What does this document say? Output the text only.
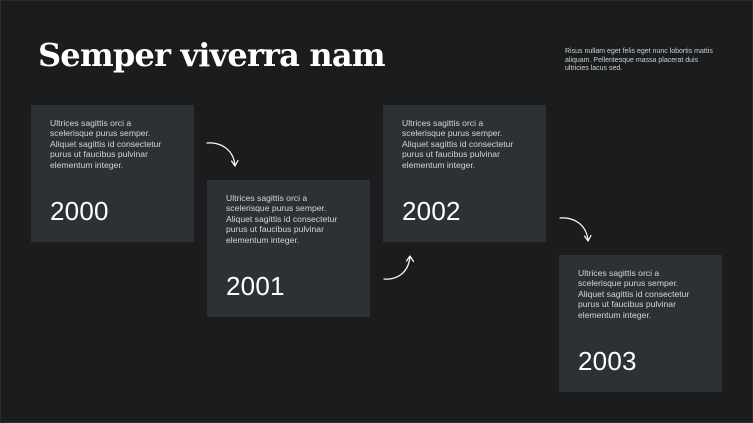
Semper viverra nam	Risus nullam eget felis eget nunc lobortis mattis aliquam. Pellentesque massa placerat duis ultricies lacus sed.
Ultrices sagittis orci a scelerisque purus semper. Aliquet sagittis id consectetur purus ut faucibus pulvinar elementum integer.
2000	Ultrices sagittis orci a scelerisque purus semper. Aliquet sagittis id consectetur purus ut faucibus pulvinar elementum integer.
2001
Ultrices sagittis orci a scelerisque purus semper. Aliquet sagittis id consectetur purus ut faucibus pulvinar elementum integer.
2002
Ultrices sagittis orci a scelerisque purus semper. Aliquet sagittis id consectetur purus ut faucibus pulvinar elementum integer.
2003
